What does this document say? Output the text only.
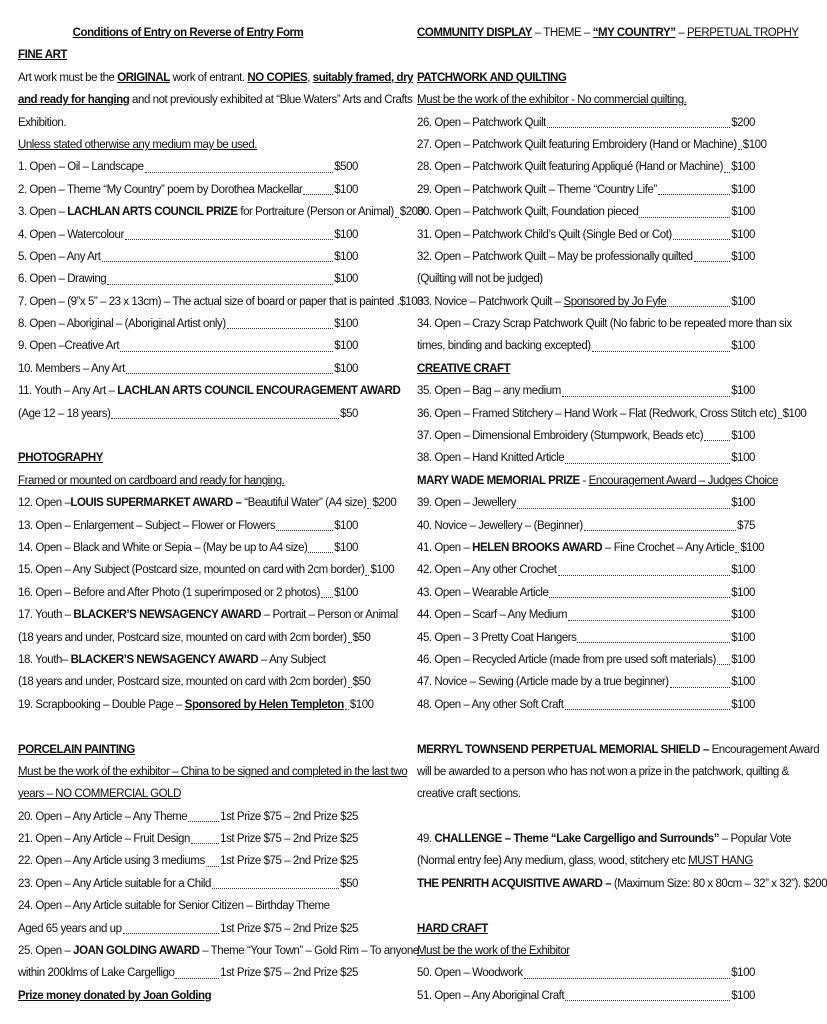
Conditions of Entry on Reverse of Entry Form
FINE ART
Art work must be the ORIGINAL work of entrant. NO COPIES, suitably framed, dry
and ready for hanging and not previously exhibited at “Blue Waters” Arts and Crafts
Exhibition.
Unless stated otherwise any medium may be used.
1. Open – Oil – Landscape	$500
2. Open – Theme “My Country” poem by Dorothea Mackellar	$100
3. Open – LACHLAN ARTS COUNCIL PRIZE for Portraiture (Person or Animal) $200
4. Open – Watercolour	$100
5. Open – Any Art	$100
6. Open – Drawing	$100
7. Open – (9”x 5” – 23 x 13cm) – The actual size of board or paper that is painted . $100
8. Open – Aboriginal – (Aboriginal Artist only)	$100
9. Open –Creative Art	$100
10. Members – Any Art	$100
11. Youth – Any Art – LACHLAN ARTS COUNCIL ENCOURAGEMENT AWARD
(Age 12 – 18 years)	$50
PHOTOGRAPHY
Framed or mounted on cardboard and ready for hanging.
12. Open –LOUIS SUPERMARKET AWARD – “Beautiful Water” (A4 size) $200
13. Open – Enlargement – Subject – Flower or Flowers	$100
14. Open – Black and White or Sepia – (May be up to A4 size) $100
15. Open – Any Subject (Postcard size, mounted on card with 2cm border) $100
16. Open – Before and After Photo (1 superimposed or 2 photos) $100
17. Youth – BLACKER’S NEWSAGENCY AWARD – Portrait – Person or Animal
(18 years and under, Postcard size, mounted on card with 2cm border) $50
18. Youth– BLACKER’S NEWSAGENCY AWARD – Any Subject
(18 years and under, Postcard size, mounted on card with 2cm border) $50
19. Scrapbooking – Double Page – Sponsored by Helen Templeton $100
PORCELAIN PAINTING
Must be the work of the exhibitor – China to be signed and completed in the last two
years – NO COMMERCIAL GOLD
20. Open – Any Article – Any Theme	1st Prize $75 – 2nd Prize $25
21. Open – Any Article – Fruit Design	1st Prize $75 – 2nd Prize $25
22. Open – Any Article using 3 mediums 1st Prize $75 – 2nd Prize $25
23. Open – Any Article suitable for a Child	$50
24. Open – Any Article suitable for Senior Citizen – Birthday Theme
Aged 65 years and up	1st Prize $75 – 2nd Prize $25
25. Open – JOAN GOLDING AWARD – Theme “Your Town” – Gold Rim – To anyone
within 200klms of Lake Cargelligo	1st Prize $75 – 2nd Prize $25
Prize money donated by Joan Golding
COMMUNITY DISPLAY – THEME – “MY COUNTRY” – PERPETUAL TROPHY
PATCHWORK AND QUILTING
Must be the work of the exhibitor - No commercial quilting.
26. Open – Patchwork Quilt	$200
27. Open – Patchwork Quilt featuring Embroidery (Hand or Machine) $100
28. Open – Patchwork Quilt featuring Appliqué (Hand or Machine) $100
29. Open – Patchwork Quilt – Theme “Country Life”	$100
30. Open – Patchwork Quilt, Foundation pieced	$100
31. Open – Patchwork Child’s Quilt (Single Bed or Cot)	$100
32. Open – Patchwork Quilt – May be professionally quilted	$100
(Quilting will not be judged)
33. Novice – Patchwork Quilt – Sponsored by Jo Fyfe	$100
34. Open – Crazy Scrap Patchwork Quilt (No fabric to be repeated more than six
times, binding and backing excepted)	$100
CREATIVE CRAFT
35. Open – Bag – any medium	$100
36. Open – Framed Stitchery – Hand Work – Flat (Redwork, Cross Stitch etc) $100
37. Open – Dimensional Embroidery (Stumpwork, Beads etc) $100
38. Open – Hand Knitted Article	$100
MARY WADE MEMORIAL PRIZE - Encouragement Award – Judges Choice
39. Open – Jewellery	$100
40. Novice – Jewellery – (Beginner)	$75
41. Open – HELEN BROOKS AWARD – Fine Crochet – Any Article $100
42. Open – Any other Crochet	$100
43. Open – Wearable Article	$100
44. Open – Scarf – Any Medium	$100
45. Open – 3 Pretty Coat Hangers	$100
46. Open – Recycled Article (made from pre used soft materials) $100
47. Novice – Sewing (Article made by a true beginner)	$100
48. Open – Any other Soft Craft	$100
MERRYL TOWNSEND PERPETUAL MEMORIAL SHIELD – Encouragement Award
will be awarded to a person who has not won a prize in the patchwork, quilting &
creative craft sections.
49. CHALLENGE – Theme “Lake Cargelligo and Surrounds” – Popular Vote
(Normal entry fee) Any medium, glass, wood, stitchery etc MUST HANG
THE PENRITH ACQUISITIVE AWARD – (Maximum Size: 80 x 80cm – 32” x 32”). $200
HARD CRAFT
Must be the work of the Exhibitor
50. Open – Woodwork	$100
51. Open – Any Aboriginal Craft	$100
